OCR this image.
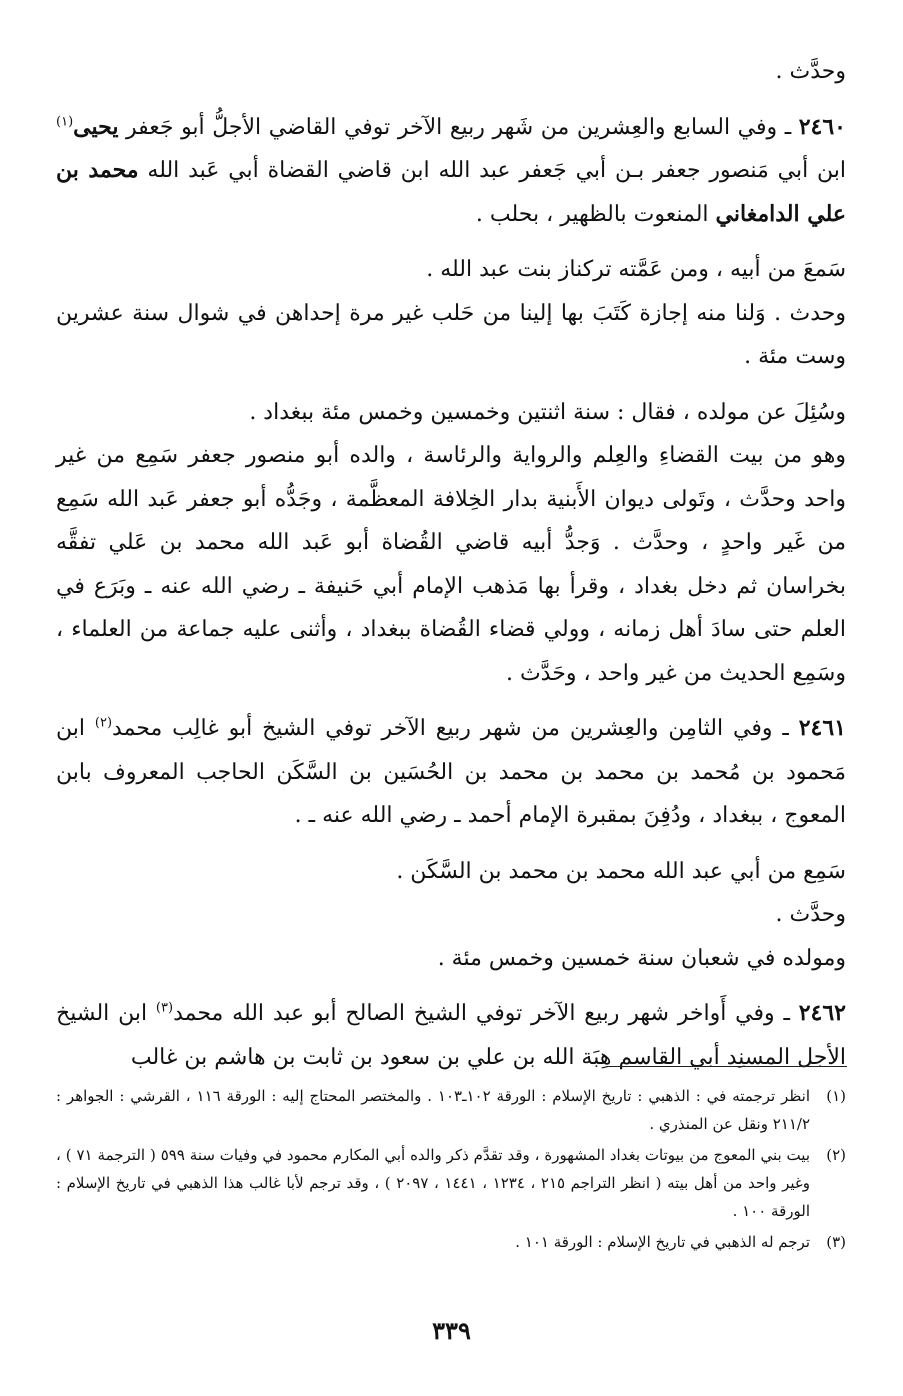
وحدَّث .

٢٤٦٠ ـ وفي السابع والعِشرين من شَهر ربيع الآخر توفي القاضي الأجلُّ أبو جَعفر يحيى$^{(١)}$ ابن أبي مَنصور جعفر بـن أبي جَعفر عبد الله ابن قاضي القضاة أبي عَبد الله محمد بن علي الدامغاني المنعوت بالظهير ، بحلب .

سَمعَ من أبيه ، ومن عَمَّته تركناز بنت عبد الله .

وحدث . وَلنا منه إجازة كَتَبَ بها إلينا من حَلب غير مرة إحداهن في شوال سنة عشرين وست مئة .

وسُئِلَ عن مولده ، فقال : سنة اثنتين وخمسين وخمس مئة ببغداد .

وهو من بيت القضاءِ والعِلم والرواية والرئاسة ، والده أبو منصور جعفر سَمِع من غير واحد وحدَّث ، وتَولى ديوان الأَبنية بدار الخِلافة المعظَّمة ، وجَدُّه أبو جعفر عَبد الله سَمِع من غَير واحدٍ ، وحدَّث . وَجدُّ أبيه قاضي القُضاة أبو عَبد الله محمد بن عَلي تفقَّه بخراسان ثم دخل بغداد ، وقرأ بها مَذهب الإمام أبي حَنيفة ـ رضي الله عنه ـ وبَرَع في العلم حتى سادَ أهل زمانه ، وولي قضاء القُضاة ببغداد ، وأثنى عليه جماعة من العلماء ، وسَمِع الحديث من غير واحد ، وحَدَّث .

٢٤٦١ ـ وفي الثامِن والعِشرين من شهر ربيع الآخر توفي الشيخ أبو غالِب محمد$^{(٢)}$ ابن مَحمود بن مُحمد بن محمد بن محمد بن الحُسَين بن السَّكَن الحاجب المعروف بابن المعوج ، ببغداد ، ودُفِنَ بمقبرة الإمام أحمد ـ رضي الله عنه ـ .

سَمِع من أبي عبد الله محمد بن محمد بن السَّكَن .

وحدَّث .

ومولده في شعبان سنة خمسين وخمس مئة .

٢٤٦٢ ـ وفي أَواخر شهر ربيع الآخر توفي الشيخ الصالح أبو عبد الله محمد$^{(٣)}$ ابن الشيخ الأجل المسنِد أبي القاسم هِبَة الله بن علي بن سعود بن ثابت بن هاشم بن غالب

(١)
انظر ترجمته في : الذهبي : تاريخ الإسلام : الورقة ١٠٢ـ١٠٣ . والمختصر المحتاج إليه : الورقة ١١٦ ، القرشي : الجواهر : ٢١١/٢ ونقل عن المنذري .
(٢)
بيت بني المعوج من بيوتات بغداد المشهورة ، وقد تقدَّم ذكر والده أبي المكارم محمود في وفيات سنة ٥٩٩ ( الترجمة ٧١ ) ، وغير واحد من أهل بيته ( انظر التراجم ٢١٥ ، ١٢٣٤ ، ١٤٤١ ، ٢٠٩٧ ) ، وقد ترجم لأبا غالب هذا الذهبي في تاريخ الإسلام : الورقة ١٠٠ .
(٣)
ترجم له الذهبي في تاريخ الإسلام : الورقة ١٠١ .
٣٣٩
